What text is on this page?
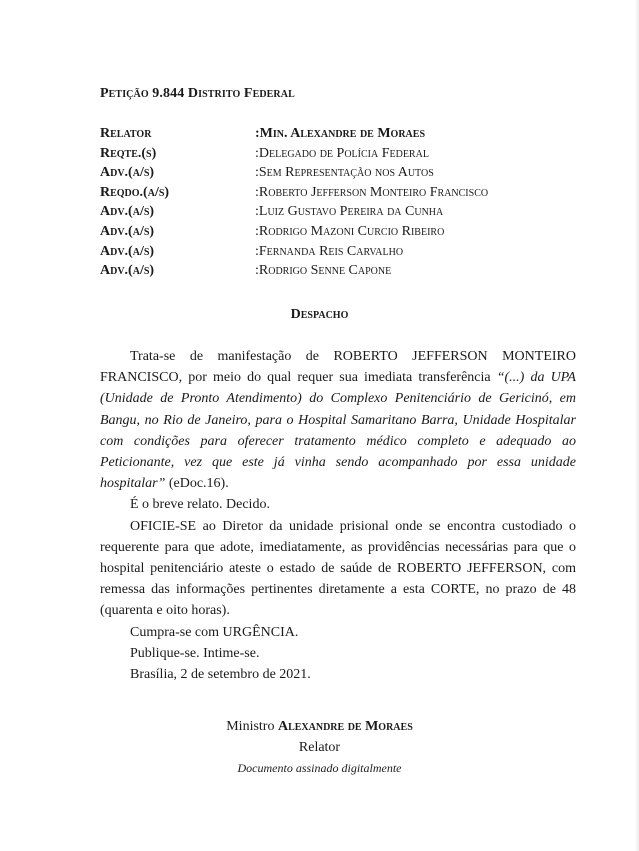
Petição 9.844 Distrito Federal
Relator	:Min. Alexandre de Moraes
Reqte.(s)	:Delegado de Polícia Federal
Adv.(a/s)	:Sem Representação nos Autos
Reqdo.(a/s)	:Roberto Jefferson Monteiro Francisco
Adv.(a/s)	:Luiz Gustavo Pereira da Cunha
Adv.(a/s)	:Rodrigo Mazoni Curcio Ribeiro
Adv.(a/s)	:Fernanda Reis Carvalho
Adv.(a/s)	:Rodrigo Senne Capone
Despacho

Trata-se de manifestação de ROBERTO JEFFERSON MONTEIRO FRANCISCO, por meio do qual requer sua imediata transferência “(...) da UPA (Unidade de Pronto Atendimento) do Complexo Penitenciário de Gericinó, em Bangu, no Rio de Janeiro, para o Hospital Samaritano Barra, Unidade Hospitalar com condições para oferecer tratamento médico completo e adequado ao Peticionante, vez que este já vinha sendo acompanhado por essa unidade hospitalar” (eDoc.16).

É o breve relato. Decido.

OFICIE-SE ao Diretor da unidade prisional onde se encontra custodiado o requerente para que adote, imediatamente, as providências necessárias para que o hospital penitenciário ateste o estado de saúde de ROBERTO JEFFERSON, com remessa das informações pertinentes diretamente a esta CORTE, no prazo de 48 (quarenta e oito horas).

Cumpra-se com URGÊNCIA.

Publique-se. Intime-se.

Brasília, 2 de setembro de 2021.

Ministro Alexandre de Moraes
Relator
Documento assinado digitalmente
